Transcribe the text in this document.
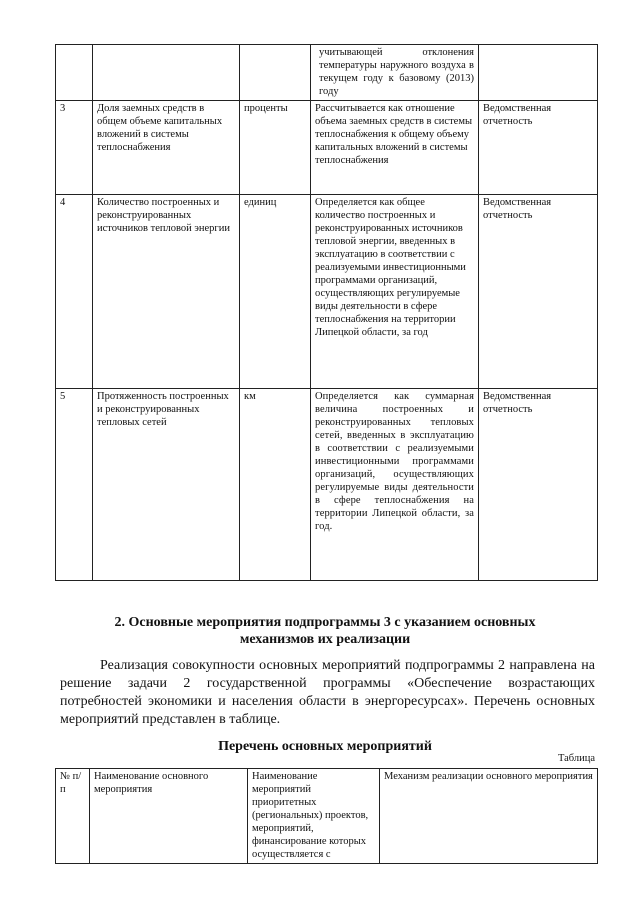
			учитывающей отклонения температуры наружного воздуха в текущем году к базовому (2013) году	
3	Доля заемных средств в общем объеме капитальных вложений в системы теплоснабжения	проценты	Рассчитывается как отношение объема заемных средств в системы теплоснабжения к общему объему капитальных вложений в системы теплоснабжения	Ведомственная отчетность
4	Количество построенных и реконструированных источников тепловой энергии	единиц	Определяется как общее количество построенных и реконструированных источников тепловой энергии, введенных в эксплуатацию в соответствии с реализуемыми инвестиционными программами организаций, осуществляющих регулируемые виды деятельности в сфере теплоснабжения на территории Липецкой области, за год	Ведомственная отчетность
5	Протяженность построенных и реконструированных тепловых сетей	км	Определяется как суммарная величина построенных и реконструированных тепловых сетей, введенных в эксплуатацию в соответствии с реализуемыми инвестиционными программами организаций, осуществляющих регулируемые виды деятельности в сфере теплоснабжения на территории Липецкой области, за год.	Ведомственная отчетность
2. Основные мероприятия подпрограммы 3 с указанием основных
механизмов их реализации
Реализация совокупности основных мероприятий подпрограммы 2 направлена на решение задачи 2 государственной программы «Обеспечение возрастающих потребностей экономики и населения области в энергоресурсах». Перечень основных мероприятий представлен в таблице.
Перечень основных мероприятий
Таблица
№ п/п	Наименование основного мероприятия	Наименование мероприятий приоритетных (региональных) проектов, мероприятий, финансирование которых осуществляется с	Механизм реализации основного мероприятия
